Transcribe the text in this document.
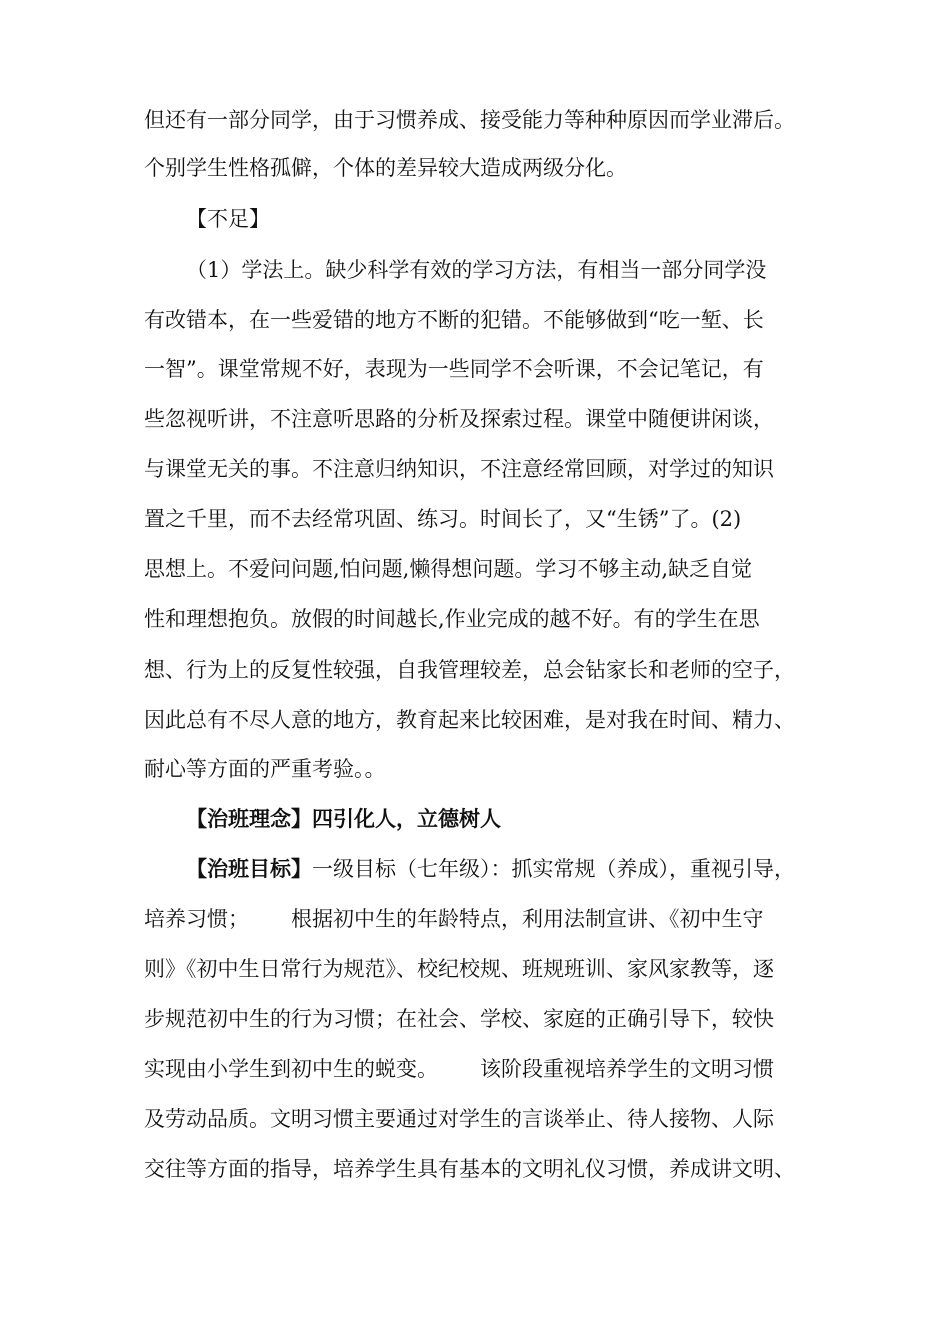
但还有一部分同学，由于习惯养成、接受能力等种种原因而学业滞后。
个别学生性格孤僻，个体的差异较大造成两级分化。
【不足】
（1）学法上。缺少科学有效的学习方法，有相当一部分同学没
有改错本，在一些爱错的地方不断的犯错。不能够做到“吃一堑、长
一智”。课堂常规不好，表现为一些同学不会听课，不会记笔记，有
些忽视听讲，不注意听思路的分析及探索过程。课堂中随便讲闲谈，
与课堂无关的事。不注意归纳知识，不注意经常回顾，对学过的知识
置之千里，而不去经常巩固、练习。时间长了，又“生锈”了。(2)
思想上。不爱问问题,怕问题,懒得想问题。学习不够主动,缺乏自觉
性和理想抱负。放假的时间越长,作业完成的越不好。有的学生在思
想、行为上的反复性较强，自我管理较差，总会钻家长和老师的空子，
因此总有不尽人意的地方，教育起来比较困难，是对我在时间、精力、
耐心等方面的严重考验。。
【治班理念】四引化人，立德树人
【治班目标】一级目标（七年级）：抓实常规（养成），重视引导，
培养习惯； 根据初中生的年龄特点，利用法制宣讲、《初中生守
则》《初中生日常行为规范》、校纪校规、班规班训、家风家教等，逐
步规范初中生的行为习惯；在社会、学校、家庭的正确引导下，较快
实现由小学生到初中生的蜕变。 该阶段重视培养学生的文明习惯
及劳动品质。文明习惯主要通过对学生的言谈举止、待人接物、人际
交往等方面的指导，培养学生具有基本的文明礼仪习惯，养成讲文明、
